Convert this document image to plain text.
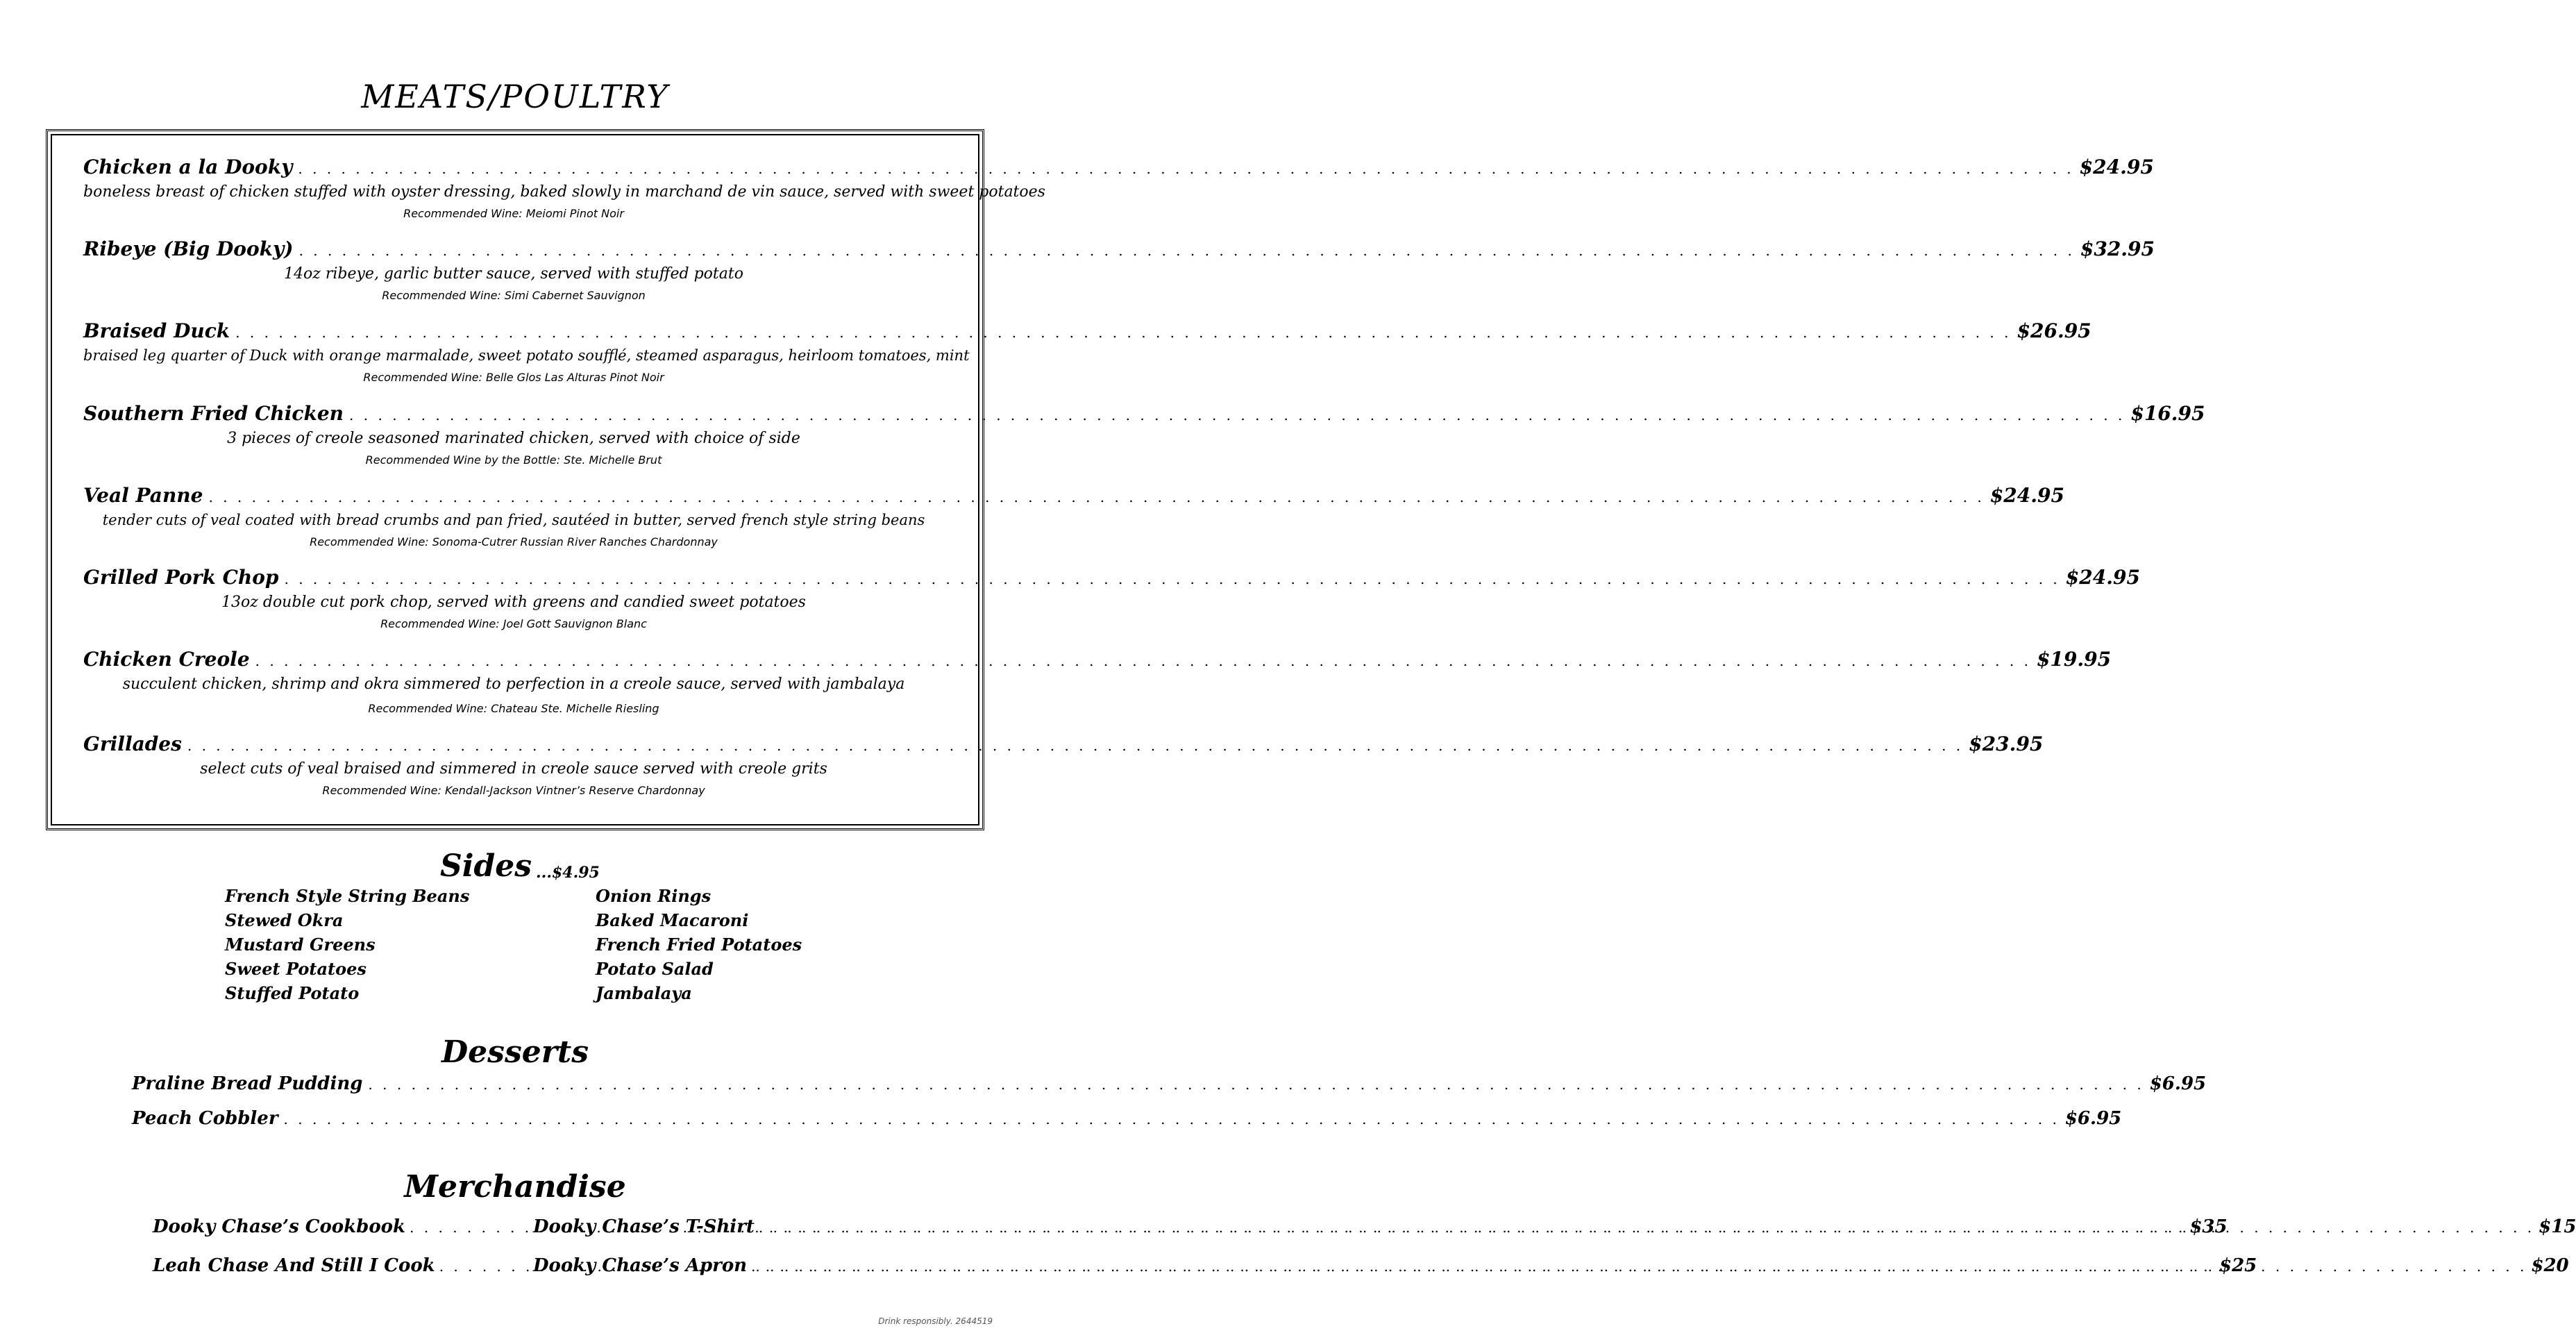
MEATS/POULTRY
Chicken a la Dooky . . .	$24.95
boneless breast of chicken stuffed with oyster dressing, baked slowly in marchand de vin sauce, served with sweet potatoes
Recommended Wine: Meiomi Pinot Noir
Ribeye (Big Dooky) . . .	$32.95
14oz ribeye, garlic butter sauce, served with stuffed potato
Recommended Wine: Simi Cabernet Sauvignon
Braised Duck . . .	$26.95
braised leg quarter of Duck with orange marmalade, sweet potato soufflé, steamed asparagus, heirloom tomatoes, mint
Recommended Wine: Belle Glos Las Alturas Pinot Noir
Southern Fried Chicken . . .	$16.95
3 pieces of creole seasoned marinated chicken, served with choice of side
Recommended Wine by the Bottle: Ste. Michelle Brut
Veal Panne . . .	$24.95
tender cuts of veal coated with bread crumbs and pan fried, sautéed in butter, served french style string beans
Recommended Wine: Sonoma-Cutrer Russian River Ranches Chardonnay
Grilled Pork Chop . . .	$24.95
13oz double cut pork chop, served with greens and candied sweet potatoes
Recommended Wine: Joel Gott Sauvignon Blanc
Chicken Creole . . .	$19.95
succulent chicken, shrimp and okra simmered to perfection in a creole sauce, served with jambalaya
Recommended Wine: Chateau Ste. Michelle Riesling
Grillades . . .	$23.95
select cuts of veal braised and simmered in creole sauce served with creole grits
Recommended Wine: Kendall-Jackson Vintner’s Reserve Chardonnay
Sides ...$4.95
French Style String Beans
Stewed Okra
Mustard Greens
Sweet Potatoes
Stuffed Potato
Onion Rings
Baked Macaroni
French Fried Potatoes
Potato Salad
Jambalaya
Desserts
Praline Bread Pudding . . .	$6.95
Peach Cobbler . . .	$6.95
Merchandise
Dooky Chase’s Cookbook . . .	$35
Dooky Chase’s T-Shirt . . .	$15
Leah Chase And Still I Cook . . .	$25
Dooky Chase’s Apron . . .	$20
Drink responsibly. 2644519
